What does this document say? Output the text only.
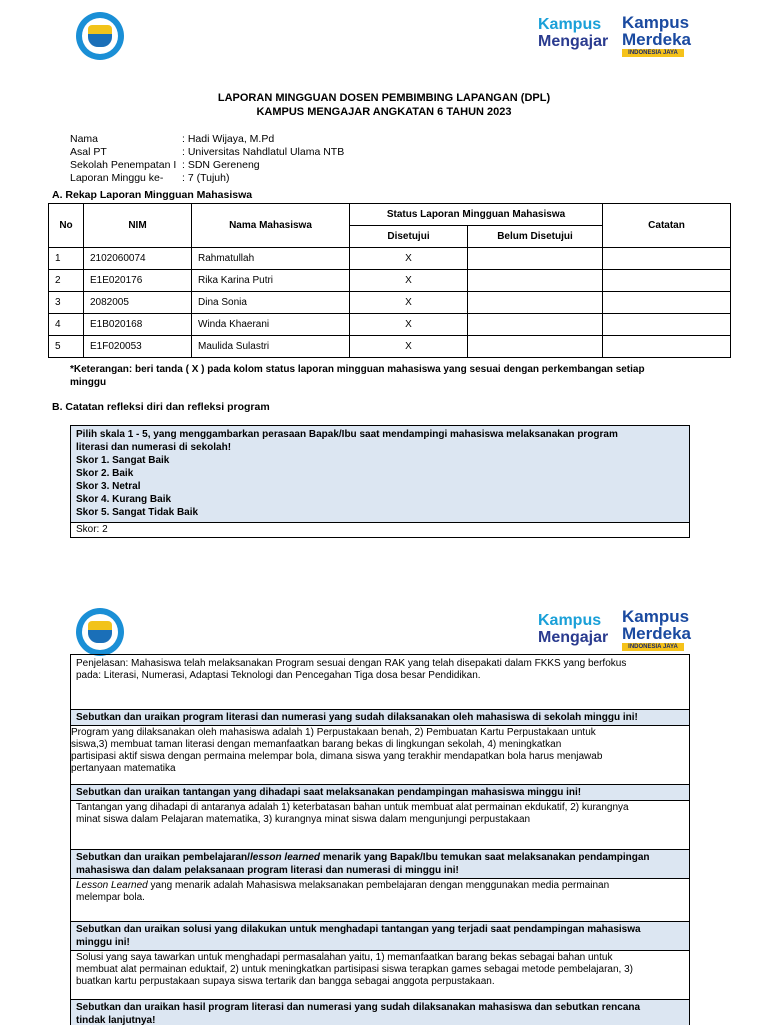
Kampus
Mengajar
Kampus
Merdeka
INDONESIA JAYA
LAPORAN MINGGUAN DOSEN PEMBIMBING LAPANGAN (DPL)
KAMPUS MENGAJAR ANGKATAN 6 TAHUN 2023
Nama	: Hadi Wijaya, M.Pd
Asal PT	: Universitas Nahdlatul Ulama NTB
Sekolah Penempatan I : SDN Gereneng
Laporan Minggu ke-	: 7 (Tujuh)
A. Rekap Laporan Mingguan Mahasiswa
No	NIM	Nama Mahasiswa	Status Laporan Mingguan Mahasiswa		Catatan
			Disetujui	Belum Disetujui	
1	2102060074	Rahmatullah	X		
2	E1E020176	Rika Karina Putri	X		
3	2082005	Dina Sonia	X		
4	E1B020168	Winda Khaerani	X		
5	E1F020053	Maulida Sulastri	X		
*Keterangan: beri tanda ( X ) pada kolom status laporan mingguan mahasiswa yang sesuai dengan perkembangan setiap
minggu
B. Catatan refleksi diri dan refleksi program
Pilih skala 1 - 5, yang menggambarkan perasaan Bapak/Ibu saat mendampingi mahasiswa melaksanakan program
literasi dan numerasi di sekolah!
Skor 1. Sangat Baik
Skor 2. Baik
Skor 3. Netral
Skor 4. Kurang Baik
Skor 5. Sangat Tidak Baik
Skor: 2
Kampus
Mengajar
Kampus
Merdeka
INDONESIA JAYA
Penjelasan: Mahasiswa telah melaksanakan Program sesuai dengan RAK yang telah disepakati dalam FKKS yang berfokus
pada: Literasi, Numerasi, Adaptasi Teknologi dan Pencegahan Tiga dosa besar Pendidikan.
Sebutkan dan uraikan program literasi dan numerasi yang sudah dilaksanakan oleh mahasiswa di sekolah minggu ini!
Program yang dilaksanakan oleh mahasiswa adalah 1) Perpustakaan benah, 2) Pembuatan Kartu Perpustakaan untuk
siswa,3) membuat taman literasi dengan memanfaatkan barang bekas di lingkungan sekolah, 4) meningkatkan
partisipasi aktif siswa dengan permaina melempar bola, dimana siswa yang terakhir mendapatkan bola harus menjawab
pertanyaan matematika
Sebutkan dan uraikan tantangan yang dihadapi saat melaksanakan pendampingan mahasiswa minggu ini!
Tantangan yang dihadapi di antaranya adalah 1) keterbatasan bahan untuk membuat alat permainan ekdukatif, 2) kurangnya
minat siswa dalam Pelajaran matematika, 3) kurangnya minat siswa dalam mengunjungi perpustakaan
Sebutkan dan uraikan pembelajaran/lesson learned menarik yang Bapak/Ibu temukan saat melaksanakan pendampingan
mahasiswa dan dalam pelaksanaan program literasi dan numerasi di minggu ini!
Lesson Learned yang menarik adalah Mahasiswa melaksanakan pembelajaran dengan menggunakan media permainan
melempar bola.
Sebutkan dan uraikan solusi yang dilakukan untuk menghadapi tantangan yang terjadi saat pendampingan mahasiswa
minggu ini!
Solusi yang saya tawarkan untuk menghadapi permasalahan yaitu, 1) memanfaatkan barang bekas sebagai bahan untuk
membuat alat permainan eduktaif, 2) untuk meningkatkan partisipasi siswa terapkan games sebagai metode pembelajaran, 3)
buatkan kartu perpustakaan supaya siswa tertarik dan bangga sebagai anggota perpustakaan.
Sebutkan dan uraikan hasil program literasi dan numerasi yang sudah dilaksanakan mahasiswa dan sebutkan rencana
tindak lanjutnya!
